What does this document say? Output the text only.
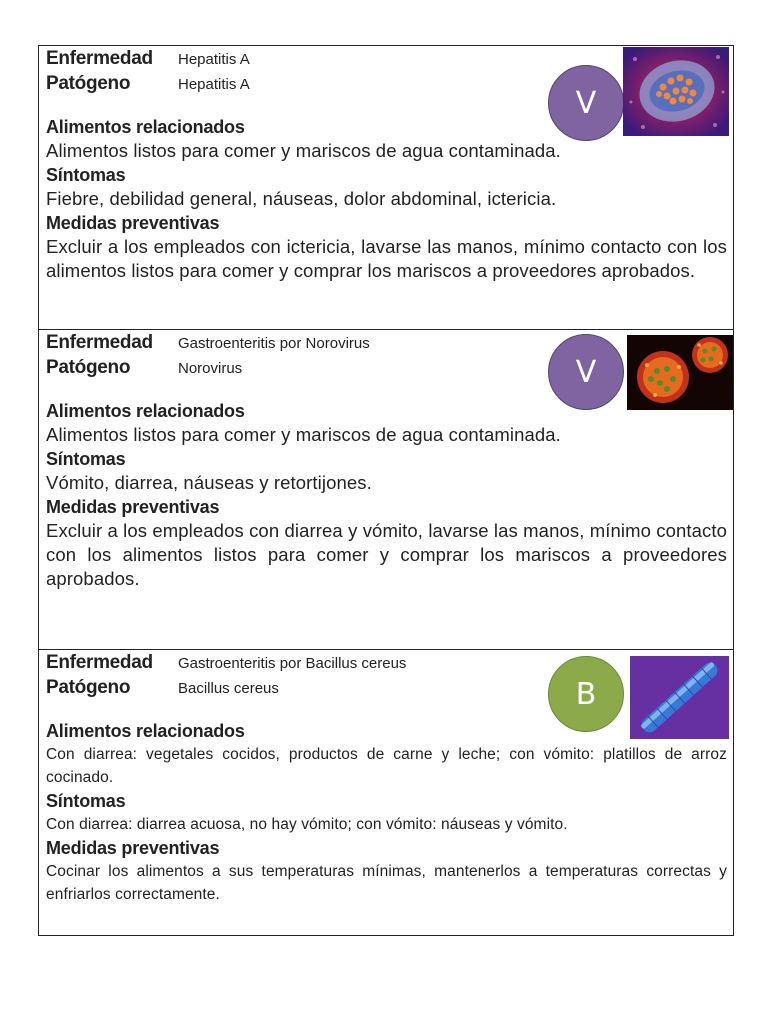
Enfermedad	Hepatitis A
Patógeno	Hepatitis A
Alimentos relacionados
Alimentos listos para comer y mariscos de agua contaminada.
Síntomas
Fiebre, debilidad general, náuseas, dolor abdominal, ictericia.
Medidas preventivas
Excluir a los empleados con ictericia, lavarse las manos, mínimo contacto con los alimentos listos para comer y comprar los mariscos a proveedores aprobados.
V
Enfermedad	Gastroenteritis por Norovirus
Patógeno	Norovirus
Alimentos relacionados
Alimentos listos para comer y mariscos de agua contaminada.
Síntomas
Vómito, diarrea, náuseas y retortijones.
Medidas preventivas
Excluir a los empleados con diarrea y vómito, lavarse las manos, mínimo contacto con los alimentos listos para comer y comprar los mariscos a proveedores aprobados.
V
Enfermedad	Gastroenteritis por Bacillus cereus
Patógeno	Bacillus cereus
Alimentos relacionados
Con diarrea: vegetales cocidos, productos de carne y leche; con vómito: platillos de arroz cocinado.
Síntomas
Con diarrea: diarrea acuosa, no hay vómito; con vómito: náuseas y vómito.
Medidas preventivas
Cocinar los alimentos a sus temperaturas mínimas, mantenerlos a temperaturas correctas y enfriarlos correctamente.
B
